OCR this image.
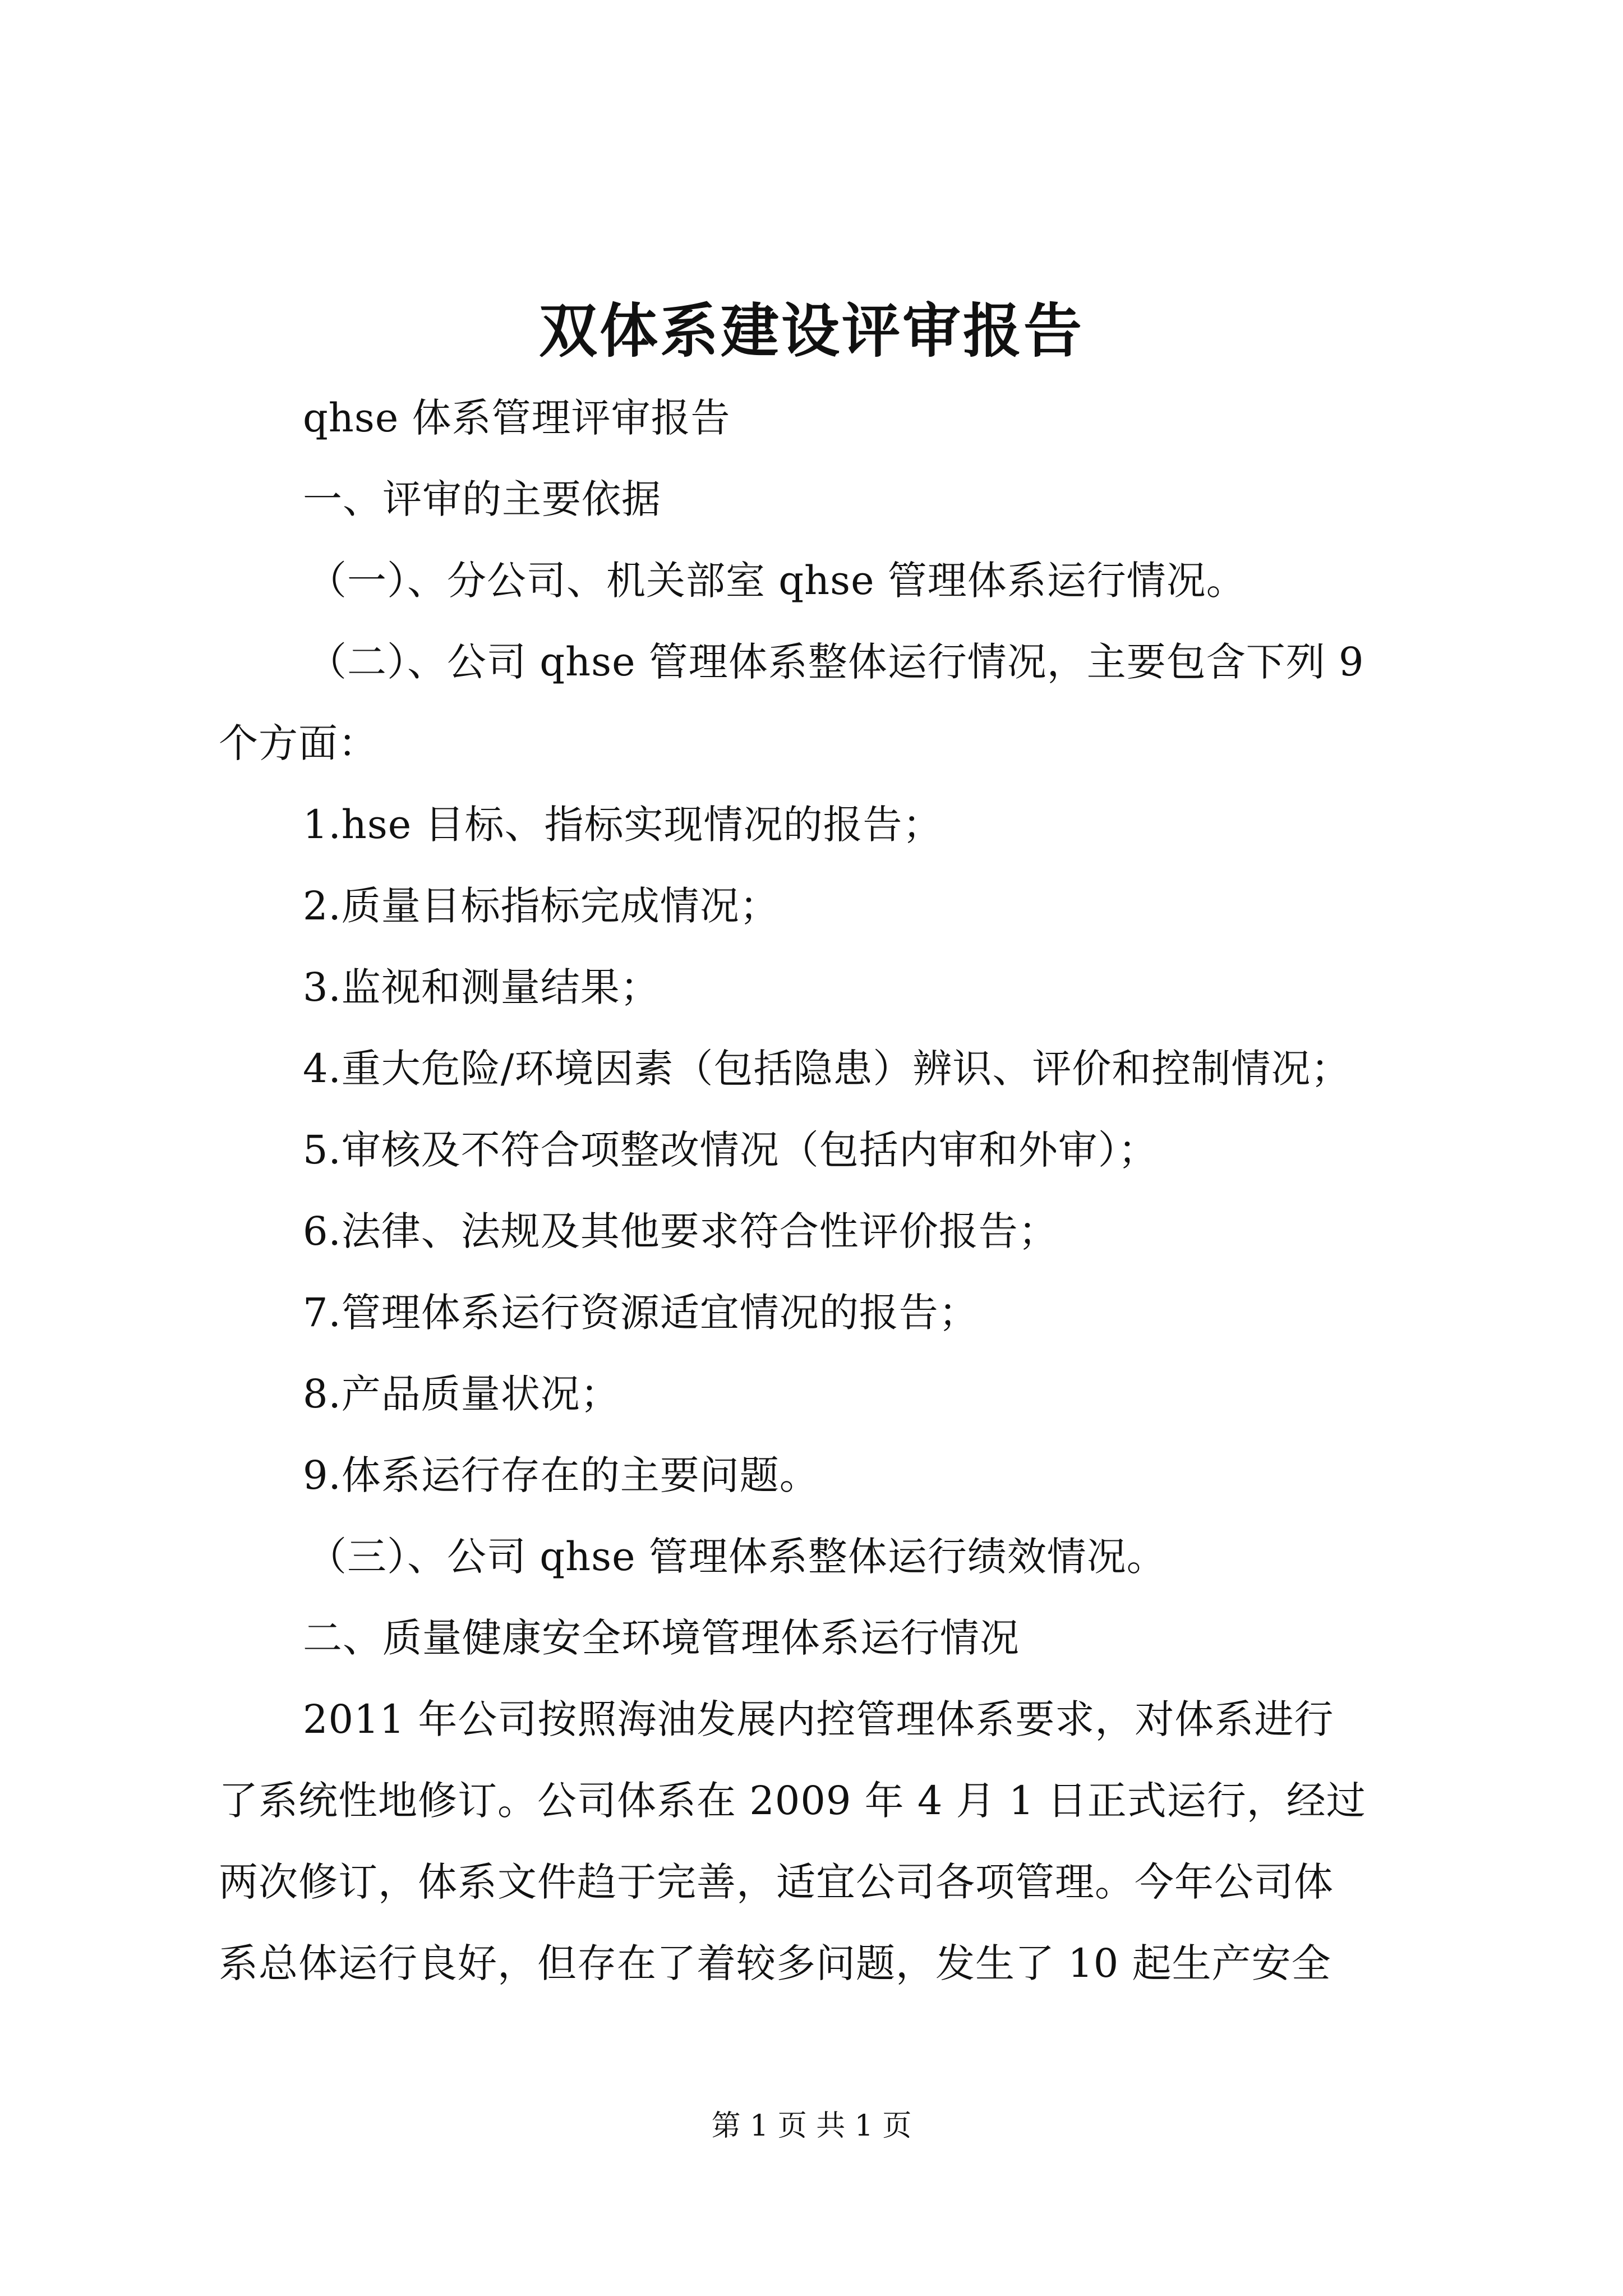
双体系建设评审报告
qhse 体系管理评审报告
一、评审的主要依据
（一）、分公司、机关部室 qhse 管理体系运行情况。
（二）、公司 qhse 管理体系整体运行情况，主要包含下列 9
个方面：
1.hse 目标、指标实现情况的报告；
2.质量目标指标完成情况；
3.监视和测量结果；
4.重大危险/环境因素（包括隐患）辨识、评价和控制情况；
5.审核及不符合项整改情况（包括内审和外审）；
6.法律、法规及其他要求符合性评价报告；
7.管理体系运行资源适宜情况的报告；
8.产品质量状况；
9.体系运行存在的主要问题。
（三）、公司 qhse 管理体系整体运行绩效情况。
二、质量健康安全环境管理体系运行情况
2011 年公司按照海油发展内控管理体系要求，对体系进行
了系统性地修订。公司体系在 2009 年 4 月 1 日正式运行，经过
两次修订，体系文件趋于完善，适宜公司各项管理。今年公司体
系总体运行良好，但存在了着较多问题，发生了 10 起生产安全
第 1 页 共 1 页
